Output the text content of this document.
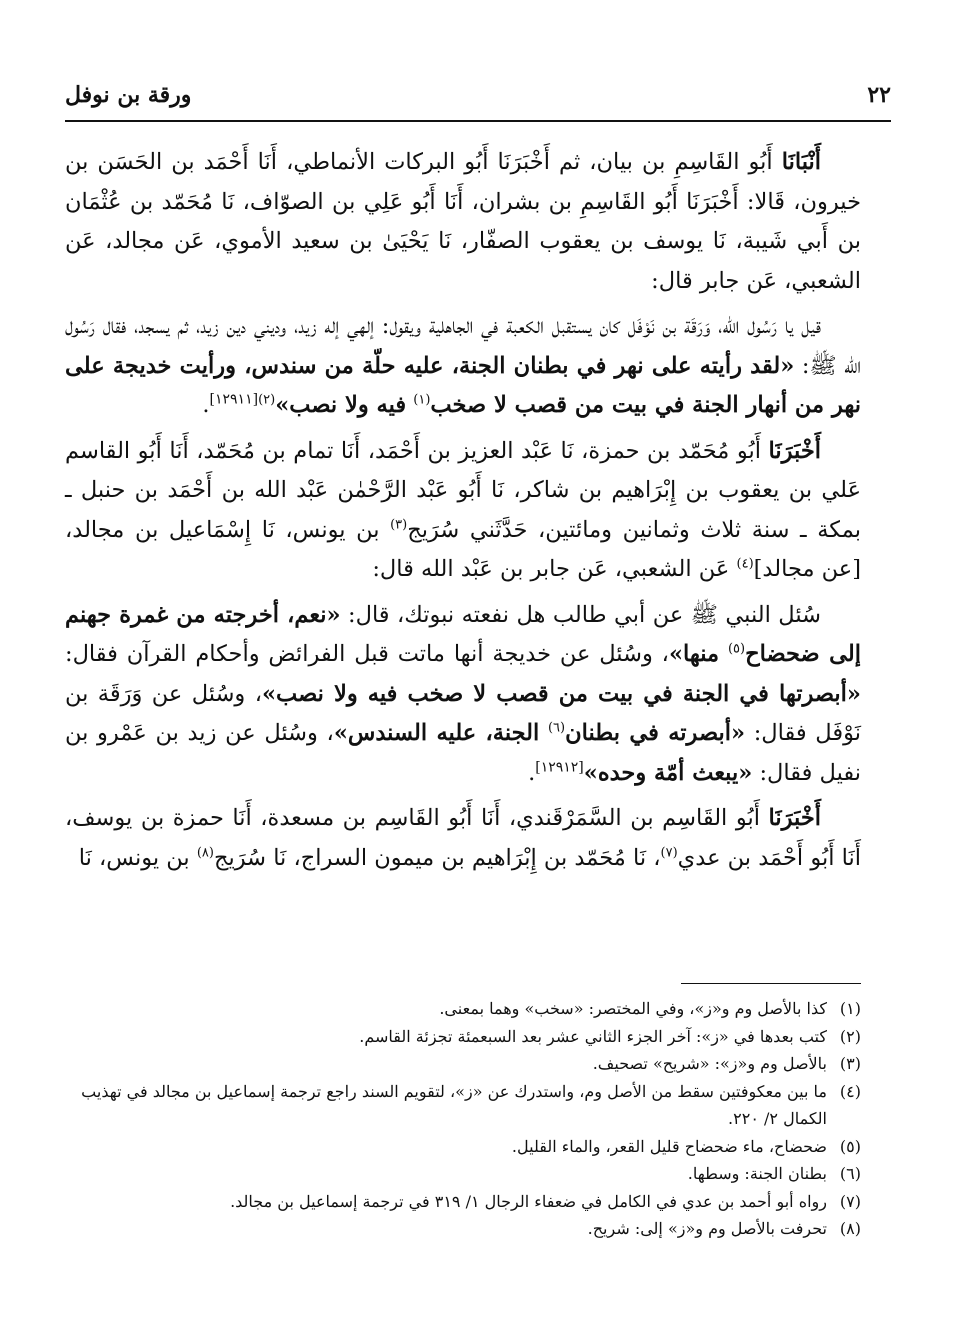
٢٢
ورقة بن نوفل

أَنْبَانَا أَبُو القَاسِمِ بن بيان، ثم أَخْبَرَنَا أَبُو البركات الأنماطي، أَنَا أَحْمَد بن الحَسَن بن خيرون، قَالا: أَخْبَرَنَا أَبُو القَاسِمِ بن بشران، أَنَا أَبُو عَلِي بن الصوّاف، نَا مُحَمّد بن عُثْمَان بن أَبي شَيبة، نَا يوسف بن يعقوب الصفّار، نَا يَحْيَىٰ بن سعيد الأموي، عَن مجالد، عَن الشعبي، عَن جابر قال:

قيل يا رَسُول الله، وَرَقَة بن نَوْفَل كان يستقبل الكعبة في الجاهلية ويقول: إلهي إله زيد، وديني دين زيد، ثم يسجد، فقال رَسُول الله ﷺ: «لقد رأيته على نهر في بطنان الجنة، عليه حلّة من سندس، ورأيت خديجة على نهر من أنهار الجنة في بيت من قصب لا صخب$^{(١)}$ فيه ولا نصب»$^{(٢)[١٢٩١١]}$.

أَخْبَرَنَا أَبُو مُحَمّد بن حمزة، نَا عَبْد العزيز بن أَحْمَد، أَنَا تمام بن مُحَمّد، أَنَا أَبُو القاسم عَلي بن يعقوب بن إِبْرَاهيم بن شاكر، نَا أَبُو عَبْد الرَّحْمٰن عَبْد الله بن أَحْمَد بن حنبل ـ بمكة ـ سنة ثلاث وثمانين ومائتين، حَدَّثَني سُرَيج$^{(٣)}$ بن يونس، نَا إِسْمَاعيل بن مجالد، [عن مجالد]$^{(٤)}$ عَن الشعبي، عَن جابر بن عَبْد الله قال:

سُئل النبي ﷺ عن أبي طالب هل نفعته نبوتك، قال: «نعم، أخرجته من غمرة جهنم إلى ضحضاح$^{(٥)}$ منها»، وسُئل عن خديجة أنها ماتت قبل الفرائض وأحكام القرآن فقال: «أبصرتها في الجنة في بيت من قصب لا صخب فيه ولا نصب»، وسُئل عن وَرَقَة بن نَوْفَل فقال: «أبصرته في بطنان$^{(٦)}$ الجنة، عليه السندس»، وسُئل عن زيد بن عَمْرو بن نفيل فقال: «يبعث أمّة وحده»[١٢٩١٢].

أَخْبَرَنَا أَبُو القَاسِم بن السَّمَرْقَندي، أَنَا أَبُو القَاسِم بن مسعدة، أَنَا حمزة بن يوسف، أَنَا أَبُو أَحْمَد بن عدي$^{(٧)}$، نَا مُحَمّد بن إِبْرَاهيم بن ميمون السراج، نَا سُرَيج$^{(٨)}$ بن يونس، نَا

(١)
كذا بالأصل وم و«ز»، وفي المختصر: «سخب» وهما بمعنى.
(٢)
كتب بعدها في «ز»: آخر الجزء الثاني عشر بعد السبعمئة تجزئة القاسم.
(٣)
بالأصل وم و«ز»: «شريح» تصحيف.
(٤)
ما بين معكوفتين سقط من الأصل وم، واستدرك عن «ز»، لتقويم السند راجع ترجمة إسماعيل بن مجالد في تهذيب الكمال ٢/ ٢٢٠.
(٥)
ضحضاح، ماء ضحضاح قليل القعر، والماء القليل.
(٦)
بطنان الجنة: وسطها.
(٧)
رواه أبو أحمد بن عدي في الكامل في ضعفاء الرجال ١/ ٣١٩ في ترجمة إسماعيل بن مجالد.
(٨)
تحرفت بالأصل وم و«ز» إلى: شريح.
